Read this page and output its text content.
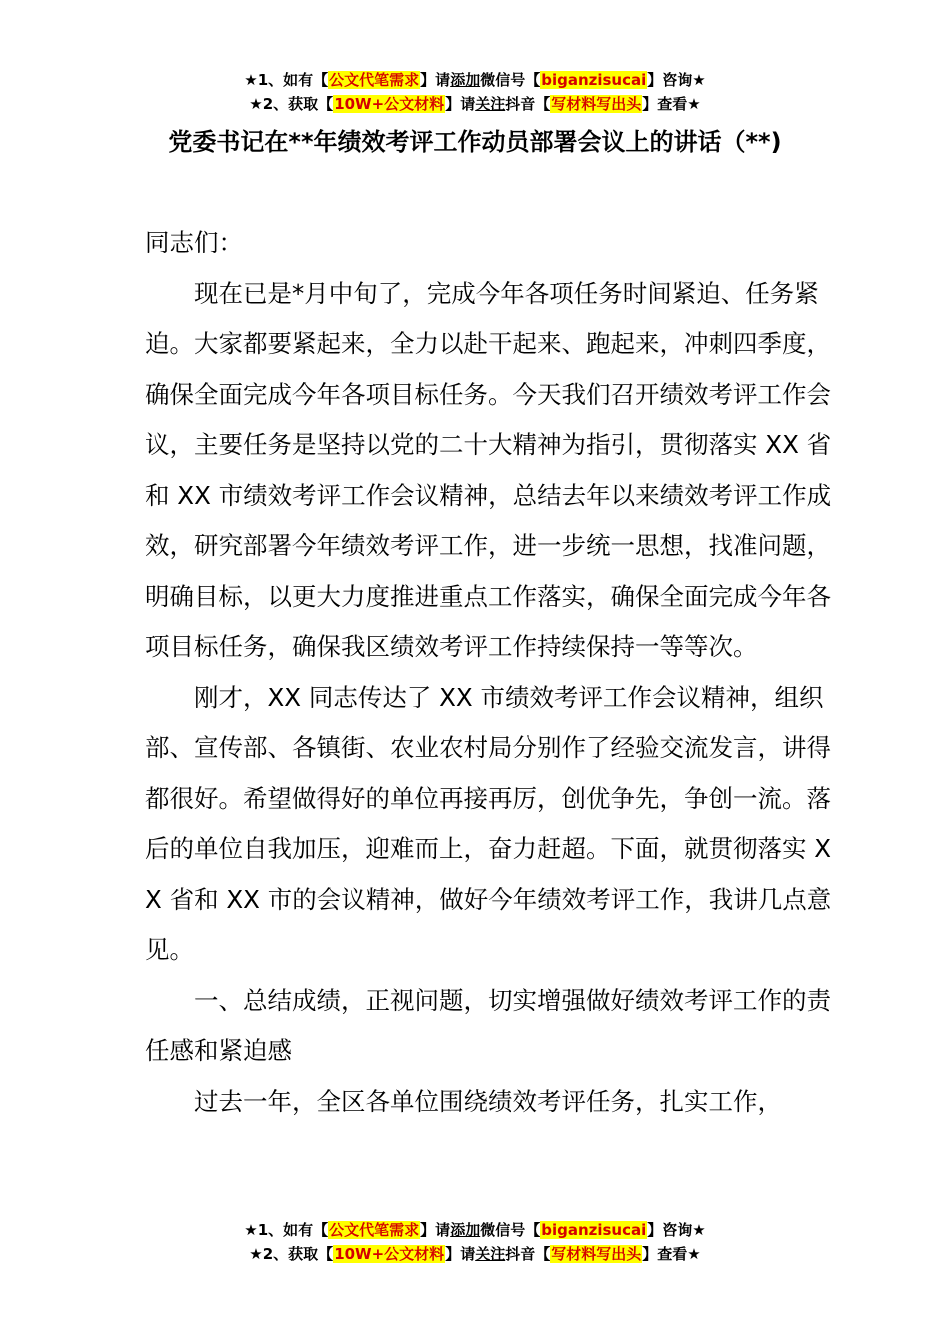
★1、如有【公文代笔需求】请添加微信号【biganzisucai】咨询★
★2、获取【10W+公文材料】请关注抖音【写材料写出头】查看★
党委书记在**年绩效考评工作动员部署会议上的讲话（**)

同志们：

现在已是*月中旬了，完成今年各项任务时间紧迫、任务紧迫。大家都要紧起来，全力以赴干起来、跑起来，冲刺四季度，确保全面完成今年各项目标任务。今天我们召开绩效考评工作会议，主要任务是坚持以党的二十大精神为指引，贯彻落实 XX 省和 XX 市绩效考评工作会议精神，总结去年以来绩效考评工作成效，研究部署今年绩效考评工作，进一步统一思想，找准问题，明确目标，以更大力度推进重点工作落实，确保全面完成今年各项目标任务，确保我区绩效考评工作持续保持一等等次。

刚才，XX 同志传达了 XX 市绩效考评工作会议精神，组织部、宣传部、各镇街、农业农村局分别作了经验交流发言，讲得都很好。希望做得好的单位再接再厉，创优争先，争创一流。落后的单位自我加压，迎难而上，奋力赶超。下面，就贯彻落实 XX 省和 XX 市的会议精神，做好今年绩效考评工作，我讲几点意见。

一、总结成绩，正视问题，切实增强做好绩效考评工作的责任感和紧迫感

过去一年，全区各单位围绕绩效考评任务，扎实工作，

★1、如有【公文代笔需求】请添加微信号【biganzisucai】咨询★
★2、获取【10W+公文材料】请关注抖音【写材料写出头】查看★
